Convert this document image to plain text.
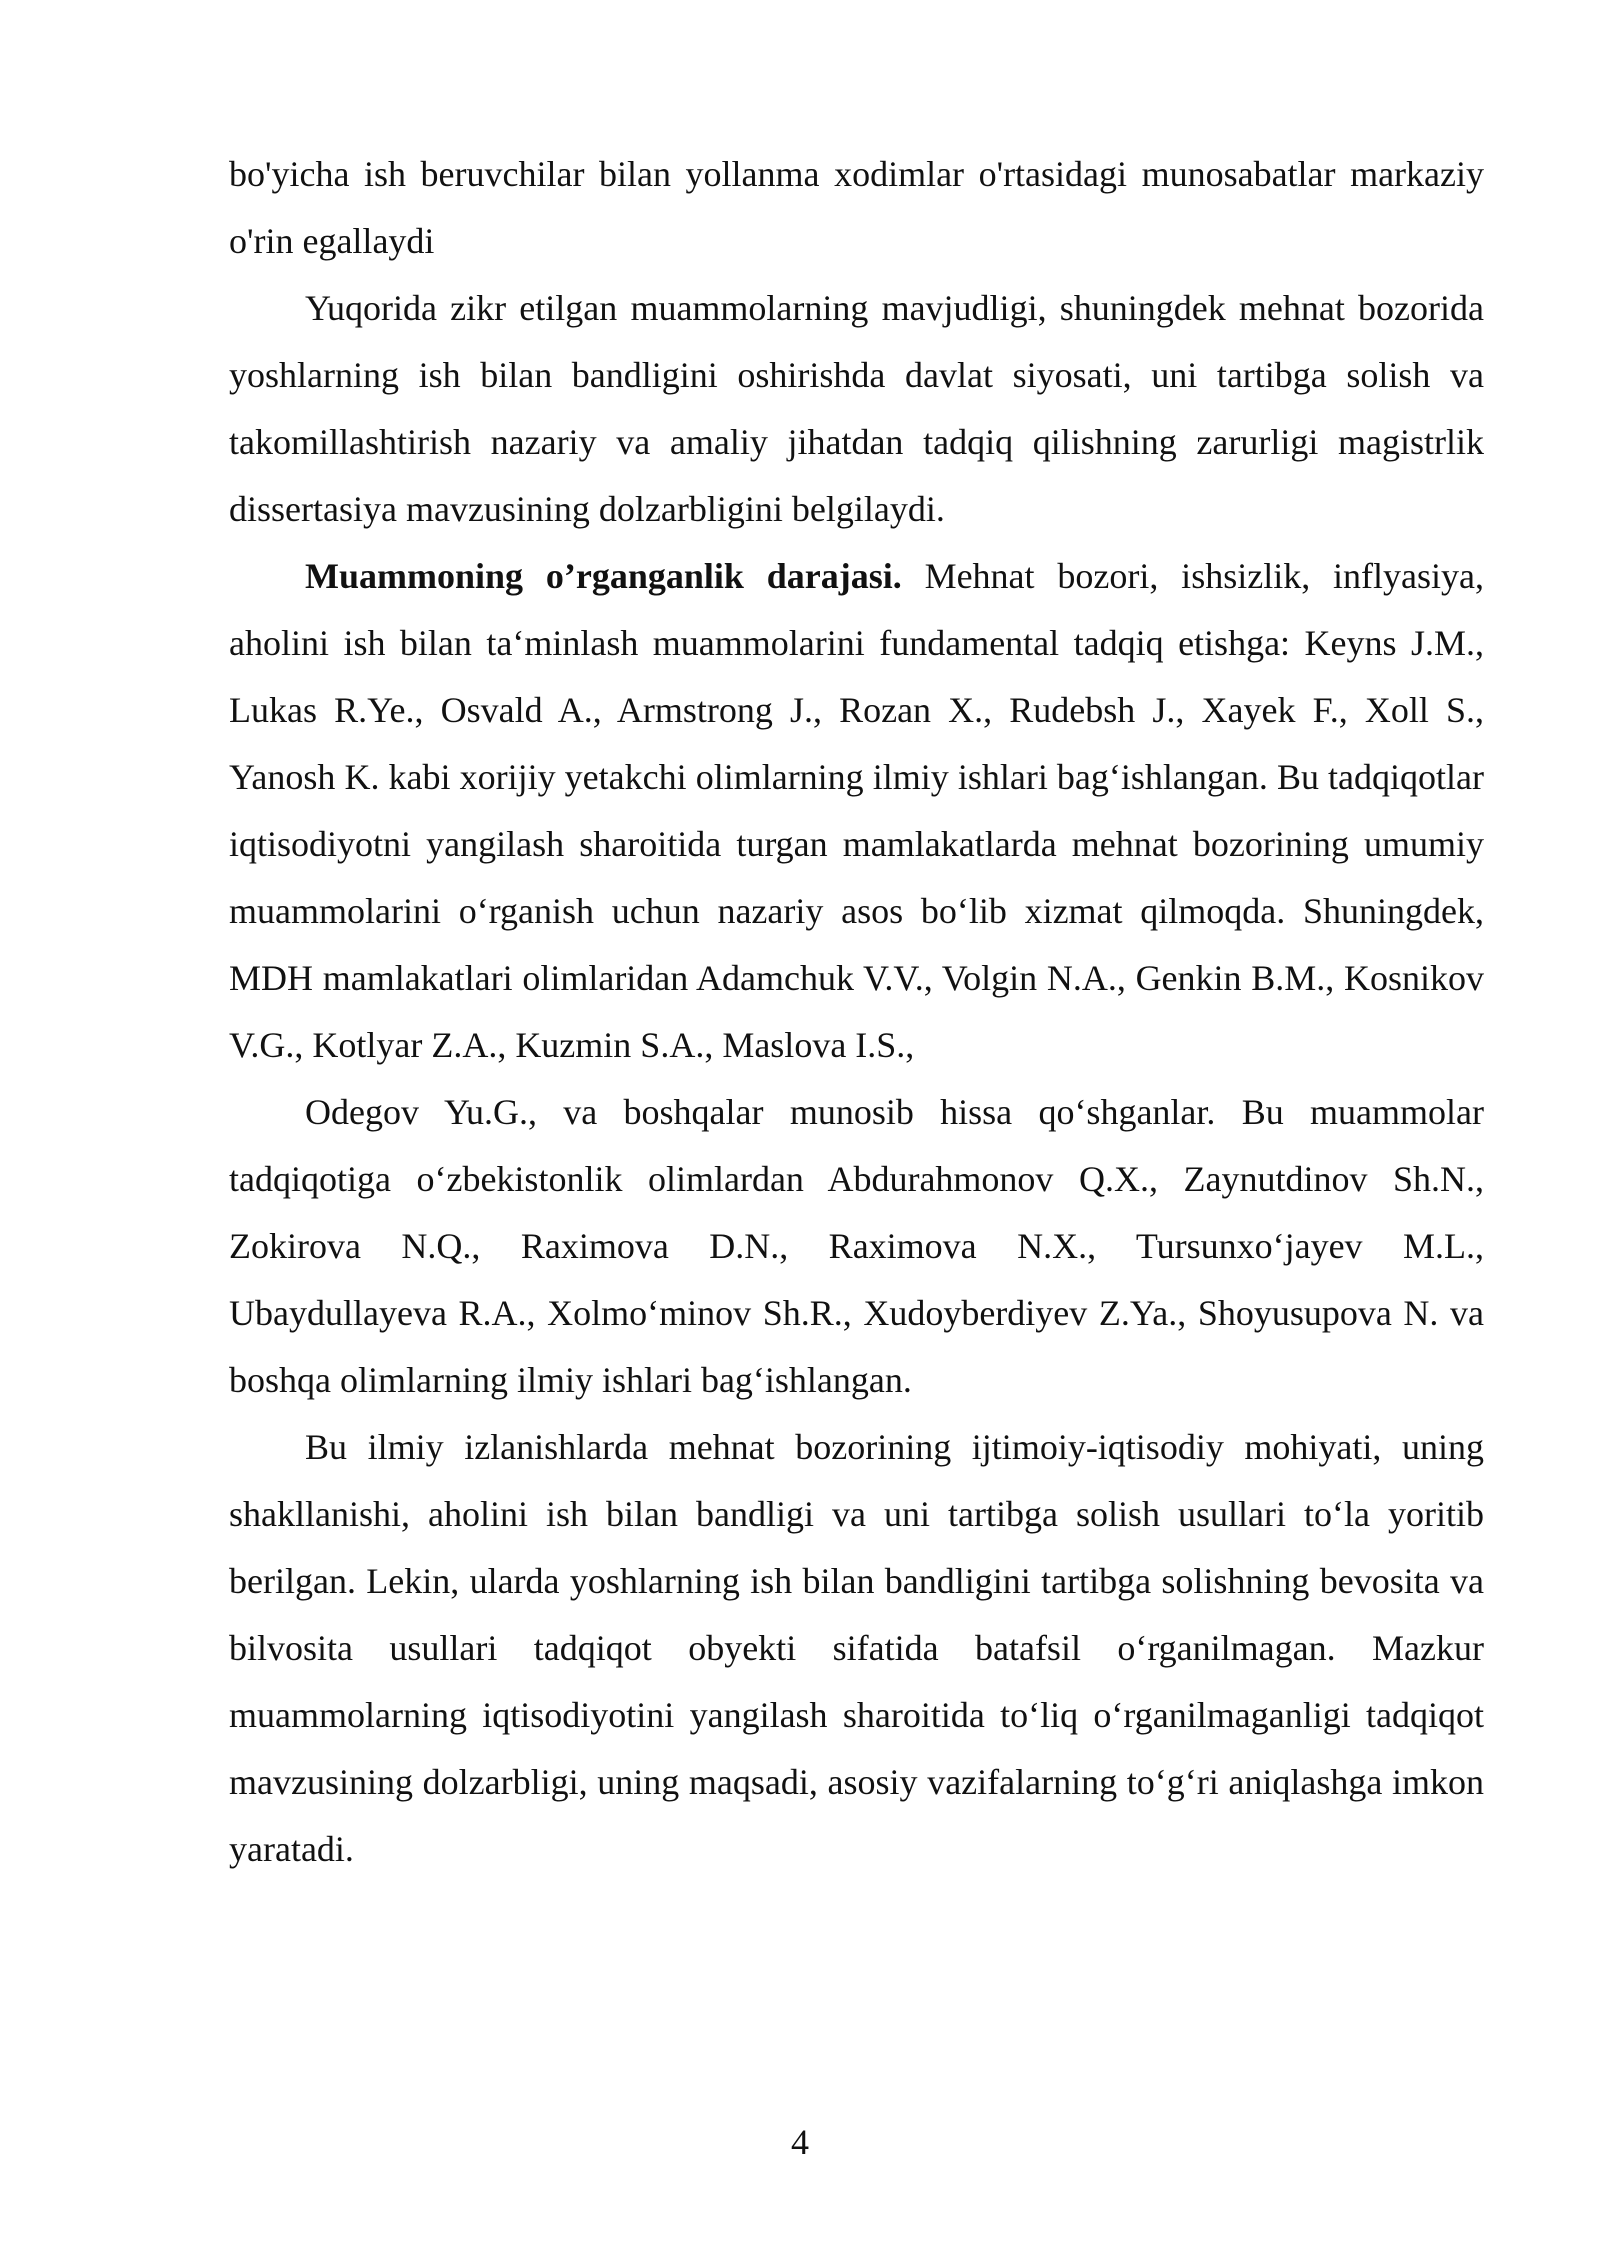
bo'yicha ish beruvchilar bilan yollanma xodimlar o'rtasidagi munosabatlar markaziy o'rin egallaydi

Yuqorida zikr etilgan muammolarning mavjudligi, shuningdek mehnat bozorida yoshlarning ish bilan bandligini oshirishda davlat siyosati, uni tartibga solish va takomillashtirish nazariy va amaliy jihatdan tadqiq qilishning zarurligi magistrlik dissertasiya mavzusining dolzarbligini belgilaydi.

Muammoning o’rganganlik darajasi. Mehnat bozori, ishsizlik, inflyasiya, aholini ish bilan ta‘minlash muammolarini fundamental tadqiq etishga: Keyns J.M., Lukas R.Ye., Osvald A., Armstrong J., Rozan X., Rudebsh J., Xayek F., Xoll S., Yanosh K. kabi xorijiy yetakchi olimlarning ilmiy ishlari bag‘ishlangan. Bu tadqiqotlar iqtisodiyotni yangilash sharoitida turgan mamlakatlarda mehnat bozorining umumiy muammolarini o‘rganish uchun nazariy asos bo‘lib xizmat qilmoqda. Shuningdek, MDH mamlakatlari olimlaridan Adamchuk V.V., Volgin N.A., Genkin B.M., Kosnikov V.G., Kotlyar Z.A., Kuzmin S.A., Maslova I.S.,

Odegov Yu.G., va boshqalar munosib hissa qo‘shganlar. Bu muammolar tadqiqotiga o‘zbekistonlik olimlardan Abdurahmonov Q.X., Zaynutdinov Sh.N., Zokirova N.Q., Raximova D.N., Raximova N.X., Tursunxo‘jayev M.L., Ubaydullayeva R.A., Xolmo‘minov Sh.R., Xudoyberdiyev Z.Ya., Shoyusupova N. va boshqa olimlarning ilmiy ishlari bag‘ishlangan.

Bu ilmiy izlanishlarda mehnat bozorining ijtimoiy-iqtisodiy mohiyati, uning shakllanishi, aholini ish bilan bandligi va uni tartibga solish usullari to‘la yoritib berilgan. Lekin, ularda yoshlarning ish bilan bandligini tartibga solishning bevosita va bilvosita usullari tadqiqot obyekti sifatida batafsil o‘rganilmagan. Mazkur muammolarning iqtisodiyotini yangilash sharoitida to‘liq o‘rganilmaganligi tadqiqot mavzusining dolzarbligi, uning maqsadi, asosiy vazifalarning to‘g‘ri aniqlashga imkon yaratadi.

4
